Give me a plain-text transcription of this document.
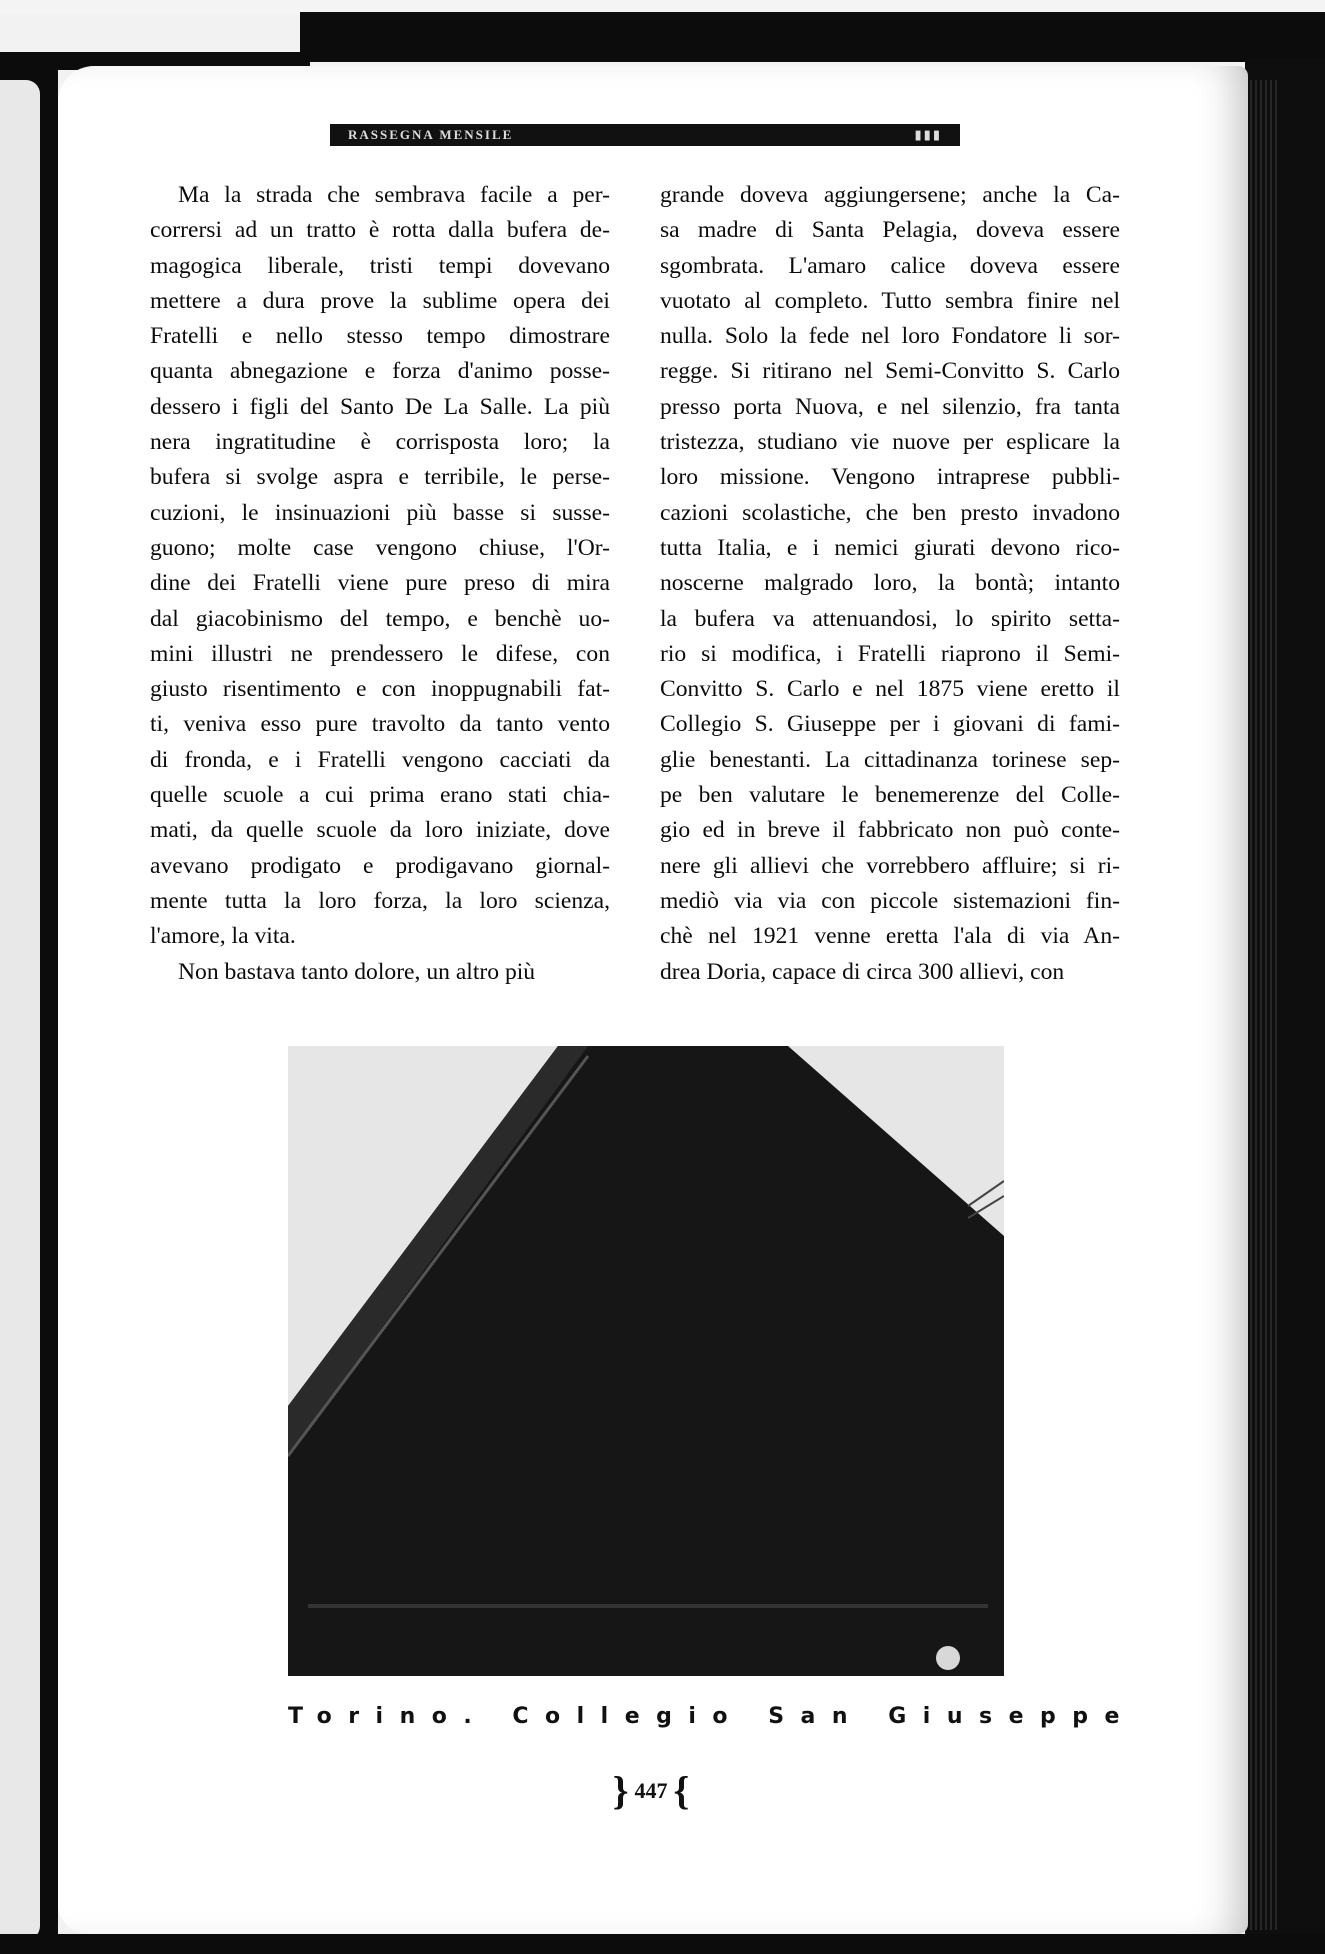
RASSEGNA MENSILE	▮▮▮
Ma la strada che sembrava facile a per-
corrersi ad un tratto è rotta dalla bufera de-
magogica liberale, tristi tempi dovevano
mettere a dura prove la sublime opera dei
Fratelli e nello stesso tempo dimostrare
quanta abnegazione e forza d'animo posse-
dessero i figli del Santo De La Salle. La più
nera ingratitudine è corrisposta loro; la
bufera si svolge aspra e terribile, le perse-
cuzioni, le insinuazioni più basse si susse-
guono; molte case vengono chiuse, l'Or-
dine dei Fratelli viene pure preso di mira
dal giacobinismo del tempo, e benchè uo-
mini illustri ne prendessero le difese, con
giusto risentimento e con inoppugnabili fat-
ti, veniva esso pure travolto da tanto vento
di fronda, e i Fratelli vengono cacciati da
quelle scuole a cui prima erano stati chia-
mati, da quelle scuole da loro iniziate, dove
avevano prodigato e prodigavano giornal-
mente tutta la loro forza, la loro scienza,
l'amore, la vita.
Non bastava tanto dolore, un altro più
grande doveva aggiungersene; anche la Ca-
sa madre di Santa Pelagia, doveva essere
sgombrata. L'amaro calice doveva essere
vuotato al completo. Tutto sembra finire nel
nulla. Solo la fede nel loro Fondatore li sor-
regge. Si ritirano nel Semi-Convitto S. Carlo
presso porta Nuova, e nel silenzio, fra tanta
tristezza, studiano vie nuove per esplicare la
loro missione. Vengono intraprese pubbli-
cazioni scolastiche, che ben presto invadono
tutta Italia, e i nemici giurati devono rico-
noscerne malgrado loro, la bontà; intanto
la bufera va attenuandosi, lo spirito setta-
rio si modifica, i Fratelli riaprono il Semi-
Convitto S. Carlo e nel 1875 viene eretto il
Collegio S. Giuseppe per i giovani di fami-
glie benestanti. La cittadinanza torinese sep-
pe ben valutare le benemerenze del Colle-
gio ed in breve il fabbricato non può conte-
nere gli allievi che vorrebbero affluire; si ri-
mediò via via con piccole sistemazioni fin-
chè nel 1921 venne eretta l'ala di via An-
drea Doria, capace di circa 300 allievi, con
Torino. Collegio San Giuseppe
} 447 {
